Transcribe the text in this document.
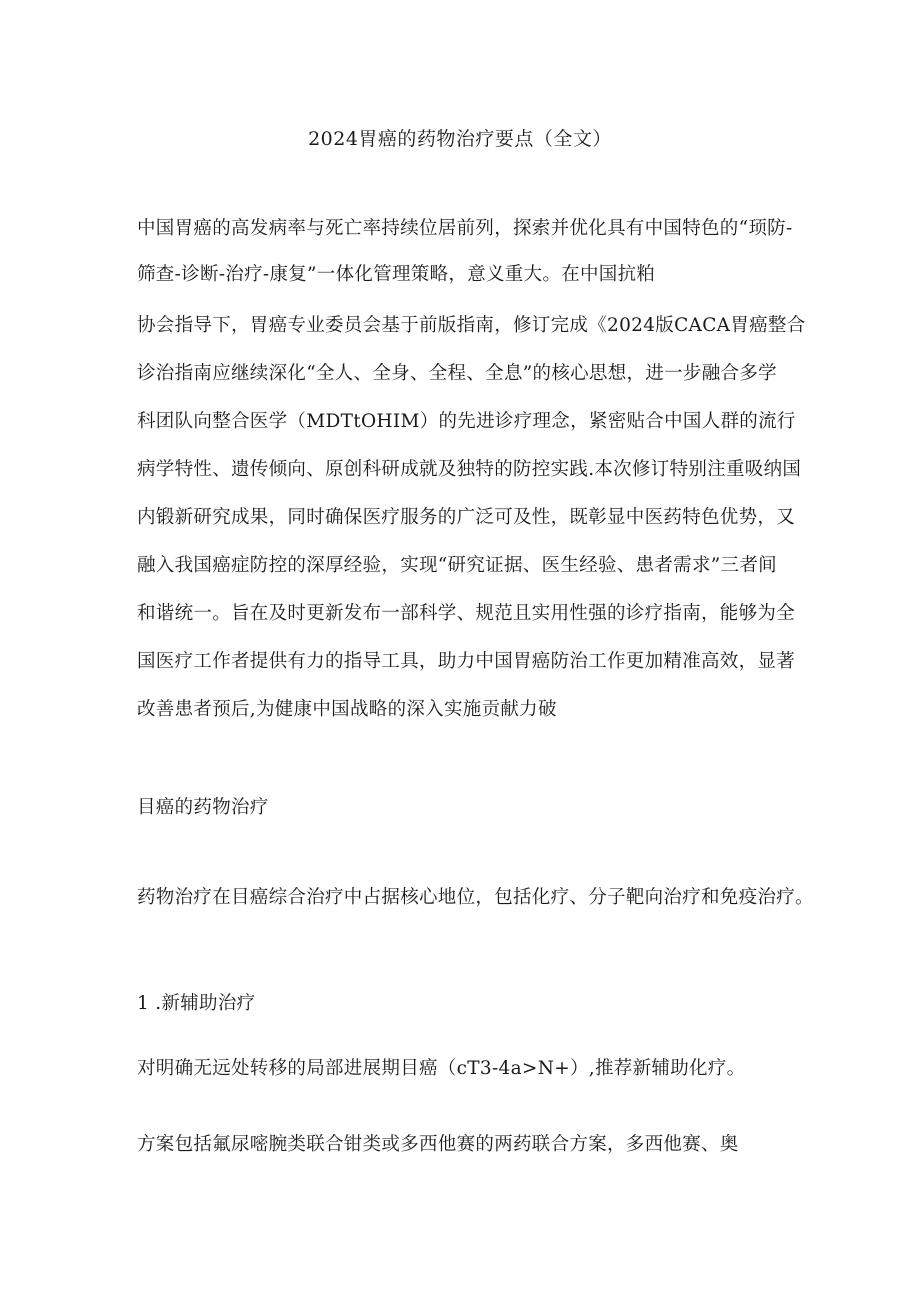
2024胃癌的药物治疗要点（全文）
中国胃癌的高发病率与死亡率持续位居前列，探索并优化具有中国特色的“顼防-
筛查-诊断-治疗-康复”一体化管理策略，意义重大。在中国抗粕
协会指导下，胃癌专业委员会基于前版指南，修订完成《2024版CACA胃癌整合
诊治指南应继续深化“全人、全身、全程、全息”的核心思想，进一步融合多学
科团队向整合医学（MDTtOHIM）的先进诊疗理念，紧密贴合中国人群的流行
病学特性、遗传倾向、原创科研成就及独特的防控实践.本次修订特别注重吸纳国
内锻新研究成果，同时确保医疗服务的广泛可及性，既彰显中医药特色优势，又
融入我国癌症防控的深厚经验，实现“研究证据、医生经验、患者需求”三者间
和谐统一。旨在及时更新发布一部科学、规范且实用性强的诊疗指南，能够为全
国医疗工作者提供有力的指导工具，助力中国胃癌防治工作更加精准高效，显著
改善患者预后,为健康中国战略的深入实施贡献力破
目癌的药物治疗
药物治疗在目癌综合治疗中占据核心地位，包括化疗、分子靶向治疗和免疫治疗。
1 .新辅助治疗
对明确无远处转移的局部进展期目癌（cT3-4a>N+）,推荐新辅助化疗。
方案包括氟尿嘧腕类联合钳类或多西他赛的两药联合方案，多西他赛、奥
